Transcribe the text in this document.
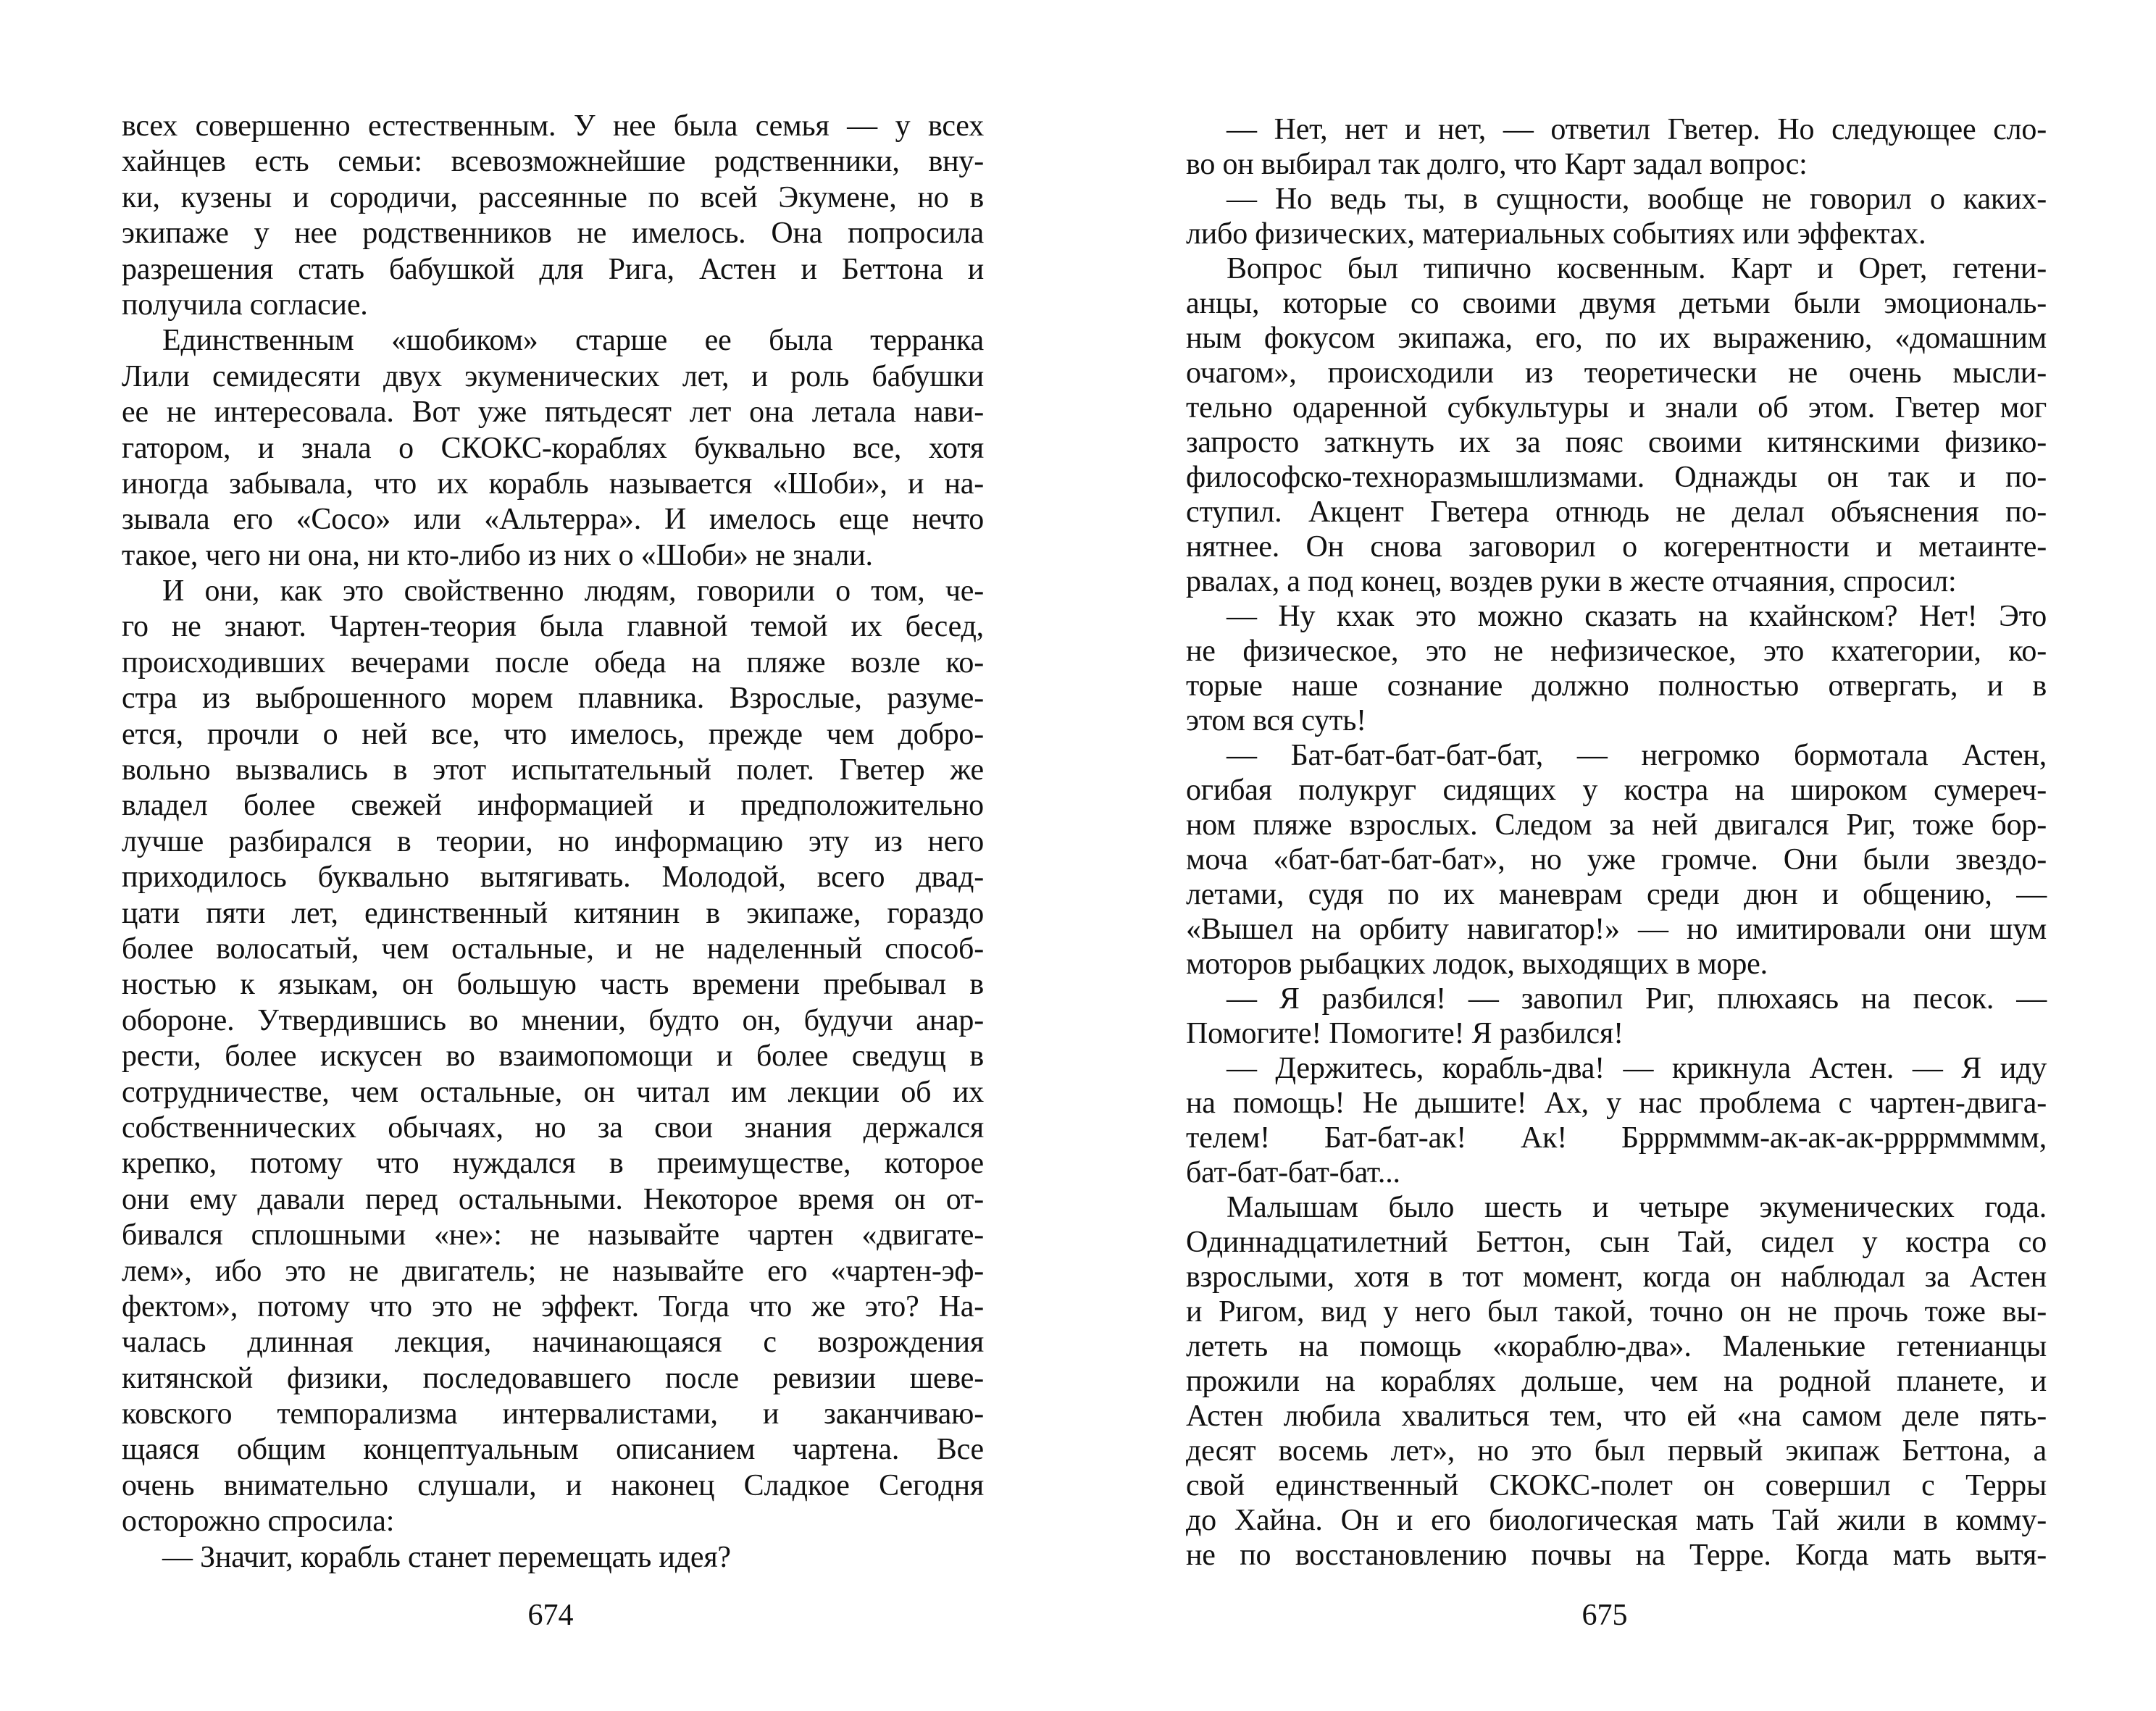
всех совершенно естественным. У нее была семья — у всех
хайнцев есть семьи: всевозможнейшие родственники, вну-
ки, кузены и сородичи, рассеянные по всей Экумене, но в
экипаже у нее родственников не имелось. Она попросила
разрешения стать бабушкой для Рига, Астен и Беттона и
получила согласие.
Единственным «шобиком» старше ее была терранка
Лили семидесяти двух экуменических лет, и роль бабушки
ее не интересовала. Вот уже пятьдесят лет она летала нави-
гатором, и знала о СКОКС-кораблях буквально все, хотя
иногда забывала, что их корабль называется «Шоби», и на-
зывала его «Сосо» или «Альтерра». И имелось еще нечто
такое, чего ни она, ни кто-либо из них о «Шоби» не знали.
И они, как это свойственно людям, говорили о том, че-
го не знают. Чартен-теория была главной темой их бесед,
происходивших вечерами после обеда на пляже возле ко-
стра из выброшенного морем плавника. Взрослые, разуме-
ется, прочли о ней все, что имелось, прежде чем добро-
вольно вызвались в этот испытательный полет. Гветер же
владел более свежей информацией и предположительно
лучше разбирался в теории, но информацию эту из него
приходилось буквально вытягивать. Молодой, всего двад-
цати пяти лет, единственный китянин в экипаже, гораздо
более волосатый, чем остальные, и не наделенный способ-
ностью к языкам, он большую часть времени пребывал в
обороне. Утвердившись во мнении, будто он, будучи анар-
рести, более искусен во взаимопомощи и более сведущ в
сотрудничестве, чем остальные, он читал им лекции об их
собственнических обычаях, но за свои знания держался
крепко, потому что нуждался в преимуществе, которое
они ему давали перед остальными. Некоторое время он от-
бивался сплошными «не»: не называйте чартен «двигате-
лем», ибо это не двигатель; не называйте его «чартен-эф-
фектом», потому что это не эффект. Тогда что же это? На-
чалась длинная лекция, начинающаяся с возрождения
китянской физики, последовавшего после ревизии шеве-
ковского темпорализма интервалистами, и заканчиваю-
щаяся общим концептуальным описанием чартена. Все
очень внимательно слушали, и наконец Сладкое Сегодня
осторожно спросила:
— Значит, корабль станет перемещать идея?
— Нет, нет и нет, — ответил Гветер. Но следующее сло-
во он выбирал так долго, что Карт задал вопрос:
— Но ведь ты, в сущности, вообще не говорил о каких-
либо физических, материальных событиях или эффектах.
Вопрос был типично косвенным. Карт и Орет, гетени-
анцы, которые со своими двумя детьми были эмоциональ-
ным фокусом экипажа, его, по их выражению, «домашним
очагом», происходили из теоретически не очень мысли-
тельно одаренной субкультуры и знали об этом. Гветер мог
запросто заткнуть их за пояс своими китянскими физико-
философско-техноразмышлизмами. Однажды он так и по-
ступил. Акцент Гветера отнюдь не делал объяснения по-
нятнее. Он снова заговорил о когерентности и метаинте-
рвалах, а под конец, воздев руки в жесте отчаяния, спросил:
— Ну кхак это можно сказать на кхайнском? Нет! Это
не физическое, это не нефизическое, это кхатегории, ко-
торые наше сознание должно полностью отвергать, и в
этом вся суть!
— Бат-бат-бат-бат-бат, — негромко бормотала Астен,
огибая полукруг сидящих у костра на широком сумереч-
ном пляже взрослых. Следом за ней двигался Риг, тоже бор-
моча «бат-бат-бат-бат», но уже громче. Они были звездо-
летами, судя по их маневрам среди дюн и общению, —
«Вышел на орбиту навигатор!» — но имитировали они шум
моторов рыбацких лодок, выходящих в море.
— Я разбился! — завопил Риг, плюхаясь на песок. —
Помогите! Помогите! Я разбился!
— Держитесь, корабль-два! — крикнула Астен. — Я иду
на помощь! Не дышите! Ах, у нас проблема с чартен-двига-
телем! Бат-бат-ак! Ак! Брррмммм-ак-ак-ак-ррррммммм,
бат-бат-бат-бат...
Малышам было шесть и четыре экуменических года.
Одиннадцатилетний Беттон, сын Тай, сидел у костра со
взрослыми, хотя в тот момент, когда он наблюдал за Астен
и Ригом, вид у него был такой, точно он не прочь тоже вы-
лететь на помощь «кораблю-два». Маленькие гетенианцы
прожили на кораблях дольше, чем на родной планете, и
Астен любила хвалиться тем, что ей «на самом деле пять-
десят восемь лет», но это был первый экипаж Беттона, а
свой единственный СКОКС-полет он совершил с Терры
до Хайна. Он и его биологическая мать Тай жили в комму-
не по восстановлению почвы на Терре. Когда мать вытя-
674	675
